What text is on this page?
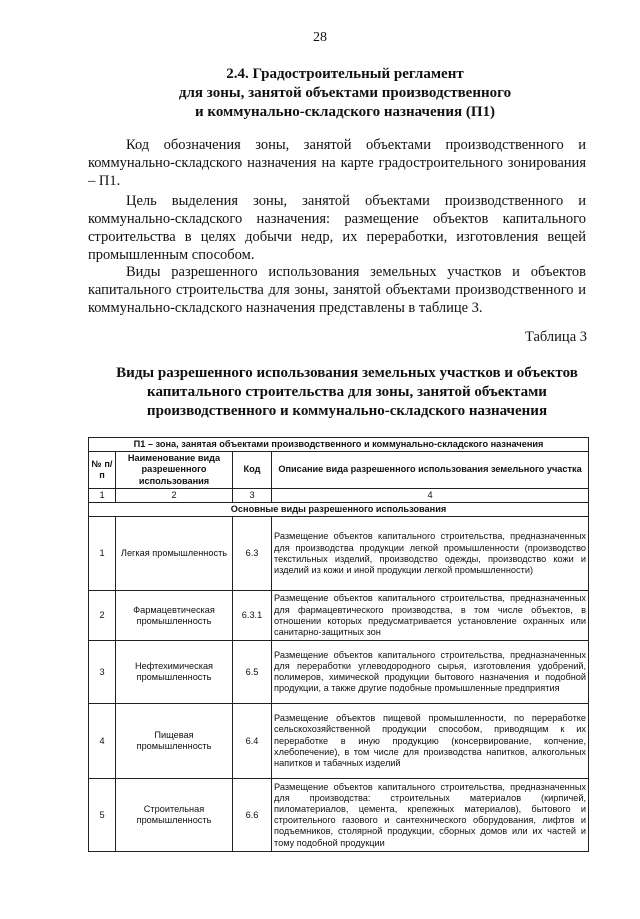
28
2.4. Градостроительный регламент
для зоны, занятой объектами производственного
и коммунально-складского назначения (П1)

Код обозначения зоны, занятой объектами производственного и коммунально-складского назначения на карте градостроительного зонирования – П1.

Цель выделения зоны, занятой объектами производственного и коммунально-складского назначения: размещение объектов капитального строительства в целях добычи недр, их переработки, изготовления вещей промышленным способом.

Виды разрешенного использования земельных участков и объектов капитального строительства для зоны, занятой объектами производственного и коммунально-складского назначения представлены в таблице 3.

Таблица 3
Виды разрешенного использования земельных участков и объектов
капитального строительства для зоны, занятой объектами
производственного и коммунально-складского назначения
П1 – зона, занятая объектами производственного и коммунально-складского назначения			
№ п/п	Наименование вида разрешенного использования	Код	Описание вида разрешенного использования земельного участка
1	2	3	4
Основные виды разрешенного использования			
1	Легкая промышленность	6.3	Размещение объектов капитального строительства, предназначенных для производства продукции легкой промышленности (производство текстильных изделий, производство одежды, производство кожи и изделий из кожи и иной продукции легкой промышленности)
2	Фармацевтическая промышленность	6.3.1	Размещение объектов капитального строительства, предназначенных для фармацевтического производства, в том числе объектов, в отношении которых предусматривается установление охранных или санитарно-защитных зон
3	Нефтехимическая промышленность	6.5	Размещение объектов капитального строительства, предназначенных для переработки углеводородного сырья, изготовления удобрений, полимеров, химической продукции бытового назначения и подобной продукции, а также другие подобные промышленные предприятия
4	Пищевая промышленность	6.4	Размещение объектов пищевой промышленности, по переработке сельскохозяйственной продукции способом, приводящим к их переработке в иную продукцию (консервирование, копчение, хлебопечение), в том числе для производства напитков, алкогольных напитков и табачных изделий
5	Строительная промышленность	6.6	Размещение объектов капитального строительства, предназначенных для производства: строительных материалов (кирпичей, пиломатериалов, цемента, крепежных материалов), бытового и строительного газового и сантехнического оборудования, лифтов и подъемников, столярной продукции, сборных домов или их частей и тому подобной продукции
